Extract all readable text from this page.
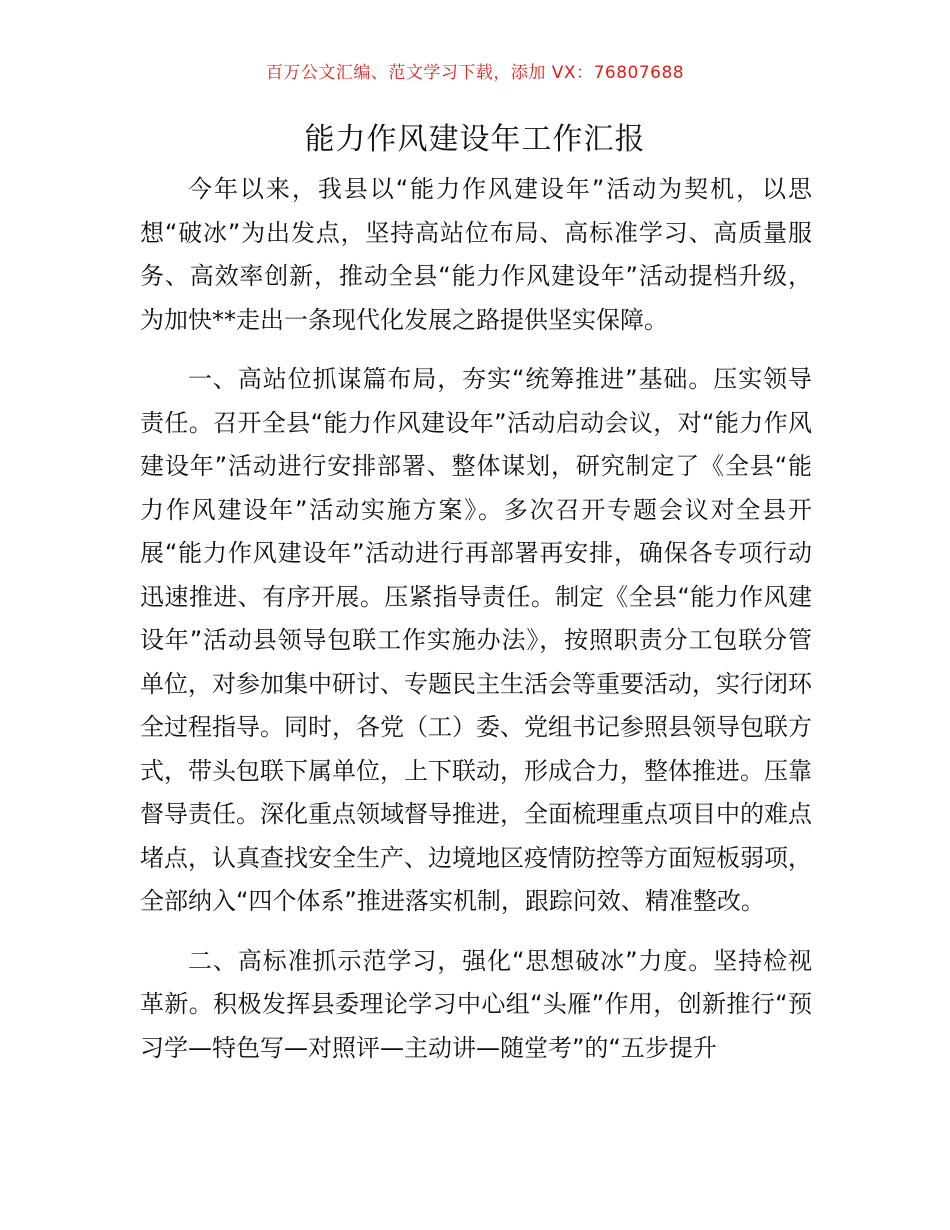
百万公文汇编、范文学习下载，添加 VX：76807688
能力作风建设年工作汇报

今年以来，我县以“能力作风建设年”活动为契机，以思想“破冰”为出发点，坚持高站位布局、高标准学习、高质量服务、高效率创新，推动全县“能力作风建设年”活动提档升级，为加快**走出一条现代化发展之路提供坚实保障。

一、高站位抓谋篇布局，夯实“统筹推进”基础。压实领导责任。召开全县“能力作风建设年”活动启动会议，对“能力作风建设年”活动进行安排部署、整体谋划，研究制定了《全县“能力作风建设年”活动实施方案》。多次召开专题会议对全县开展“能力作风建设年”活动进行再部署再安排，确保各专项行动迅速推进、有序开展。压紧指导责任。制定《全县“能力作风建设年”活动县领导包联工作实施办法》，按照职责分工包联分管单位，对参加集中研讨、专题民主生活会等重要活动，实行闭环全过程指导。同时，各党（工）委、党组书记参照县领导包联方式，带头包联下属单位，上下联动，形成合力，整体推进。压靠督导责任。深化重点领域督导推进，全面梳理重点项目中的难点堵点，认真查找安全生产、边境地区疫情防控等方面短板弱项，全部纳入“四个体系”推进落实机制，跟踪问效、精准整改。

二、高标准抓示范学习，强化“思想破冰”力度。坚持检视革新。积极发挥县委理论学习中心组“头雁”作用，创新推行“预习学—特色写—对照评—主动讲—随堂考”的“五步提升
